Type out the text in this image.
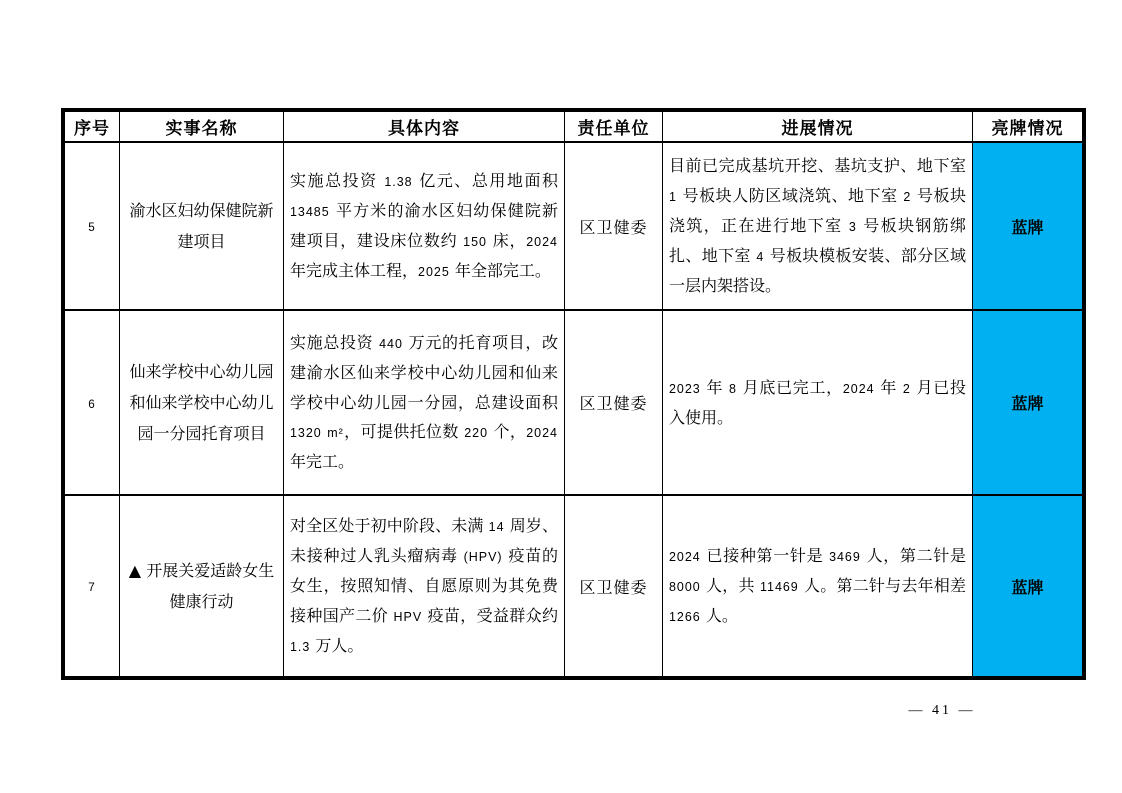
序号	实事名称	具体内容	责任单位	进展情况	亮牌情况
5	渝水区妇幼保健院新建项目	实施总投资 1.38 亿元、总用地面积 13485 平方米的渝水区妇幼保健院新建项目，建设床位数约 150 床，2024 年完成主体工程，2025 年全部完工。	区卫健委	目前已完成基坑开挖、基坑支护、地下室 1 号板块人防区域浇筑、地下室 2 号板块浇筑，正在进行地下室 3 号板块钢筋绑扎、地下室 4 号板块模板安装、部分区域一层内架搭设。	蓝牌
6	仙来学校中心幼儿园和仙来学校中心幼儿园一分园托育项目	实施总投资 440 万元的托育项目，改建渝水区仙来学校中心幼儿园和仙来学校中心幼儿园一分园，总建设面积 1320 m²，可提供托位数 220 个，2024 年完工。	区卫健委	2023 年 8 月底已完工，2024 年 2 月已投入使用。	蓝牌
7	▲ 开展关爱适龄女生健康行动	对全区处于初中阶段、未满 14 周岁、未接种过人乳头瘤病毒 (HPV) 疫苗的女生，按照知情、自愿原则为其免费接种国产二价 HPV 疫苗，受益群众约 1.3 万人。	区卫健委	2024 已接种第一针是 3469 人，第二针是 8000 人，共 11469 人。第二针与去年相差 1266 人。	蓝牌
— 41 —
